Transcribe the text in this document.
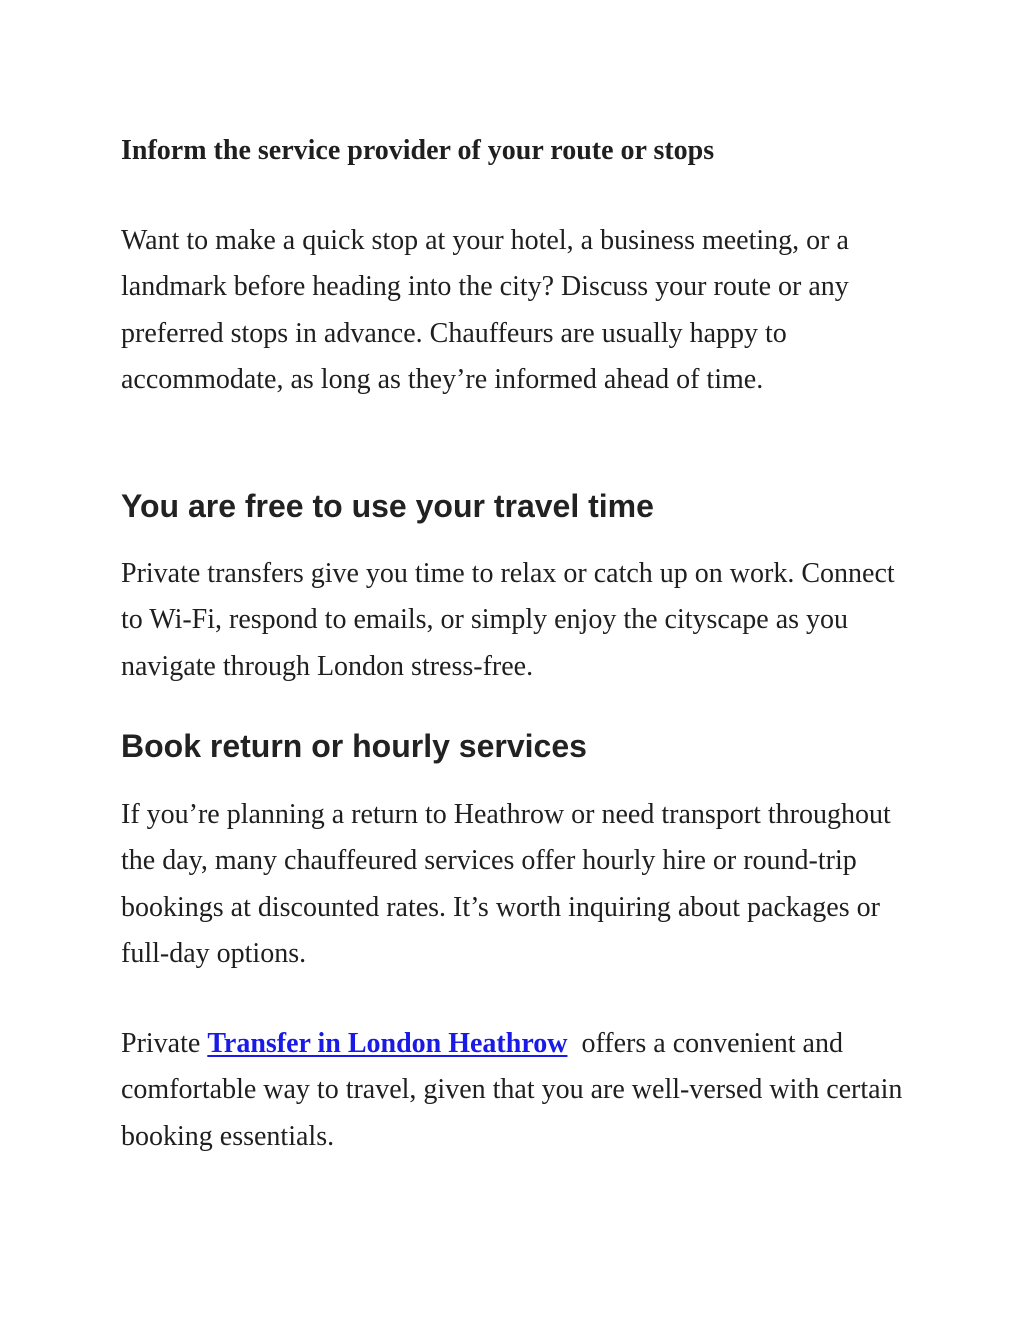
Inform the service provider of your route or stops

Want to make a quick stop at your hotel, a business meeting, or a landmark before heading into the city? Discuss your route or any preferred stops in advance. Chauffeurs are usually happy to accommodate, as long as they’re informed ahead of time.

You are free to use your travel time

Private transfers give you time to relax or catch up on work. Connect to Wi-Fi, respond to emails, or simply enjoy the cityscape as you navigate through London stress-free.

Book return or hourly services

If you’re planning a return to Heathrow or need transport throughout the day, many chauffeured services offer hourly hire or round-trip bookings at discounted rates. It’s worth inquiring about packages or full-day options.

Private Transfer in London Heathrow  offers a convenient and comfortable way to travel, given that you are well-versed with certain booking essentials.
